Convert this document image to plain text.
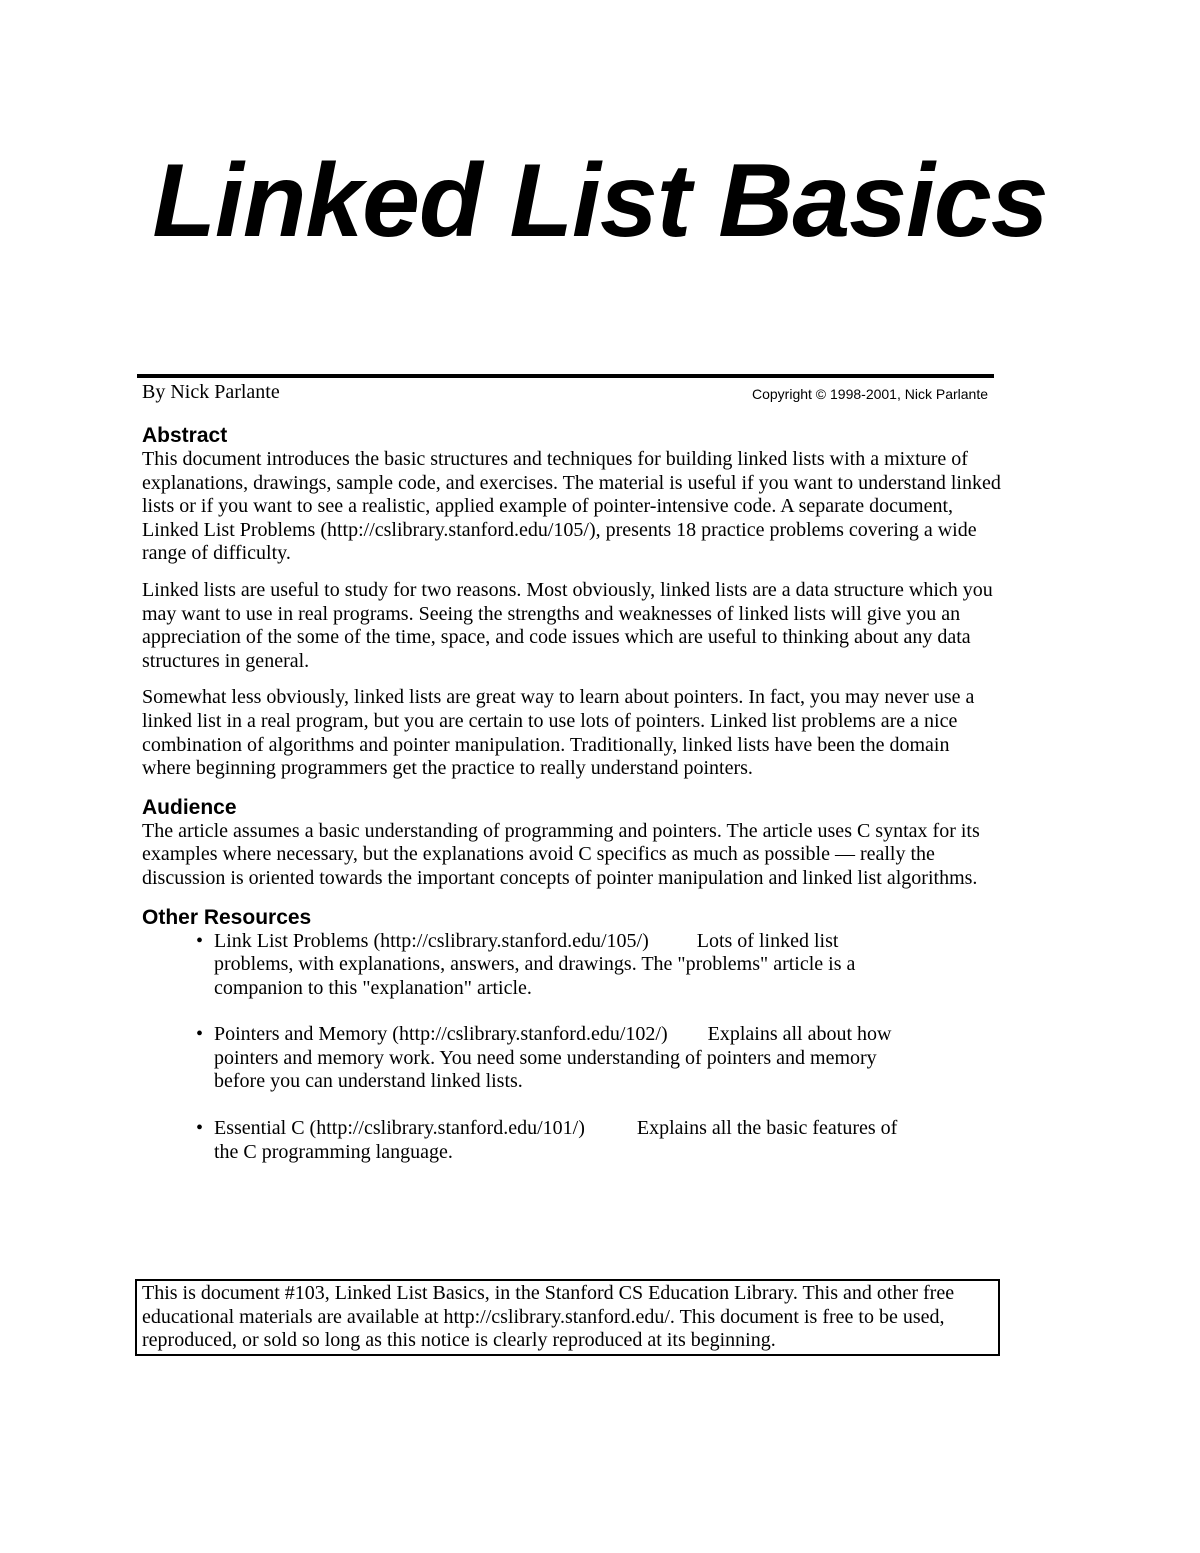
Linked List Basics
By Nick Parlante	Copyright © 1998-2001, Nick Parlante
Abstract

This document introduces the basic structures and techniques for building linked lists with a mixture of explanations, drawings, sample code, and exercises. The material is useful if you want to understand linked lists or if you want to see a realistic, applied example of pointer-intensive code. A separate document, Linked List Problems (http://cslibrary.stanford.edu/105/), presents 18 practice problems covering a wide range of difficulty.

Linked lists are useful to study for two reasons. Most obviously, linked lists are a data structure which you may want to use in real programs. Seeing the strengths and weaknesses of linked lists will give you an appreciation of the some of the time, space, and code issues which are useful to thinking about any data structures in general.

Somewhat less obviously, linked lists are great way to learn about pointers. In fact, you may never use a linked list in a real program, but you are certain to use lots of pointers. Linked list problems are a nice combination of algorithms and pointer manipulation. Traditionally, linked lists have been the domain where beginning programmers get the practice to really understand pointers.

Audience

The article assumes a basic understanding of programming and pointers. The article uses C syntax for its examples where necessary, but the explanations avoid C specifics as much as possible — really the discussion is oriented towards the important concepts of pointer manipulation and linked list algorithms.

Other Resources
• Link List Problems (http://cslibrary.stanford.edu/105/) Lots of linked list problems, with explanations, answers, and drawings. The "problems" article is a companion to this "explanation" article.
• Pointers and Memory (http://cslibrary.stanford.edu/102/) Explains all about how pointers and memory work. You need some understanding of pointers and memory before you can understand linked lists.
• Essential C (http://cslibrary.stanford.edu/101/)	Explains all the basic features of the C programming language.
This is document #103, Linked List Basics, in the Stanford CS Education Library. This and other free educational materials are available at http://cslibrary.stanford.edu/. This document is free to be used, reproduced, or sold so long as this notice is clearly reproduced at its beginning.
